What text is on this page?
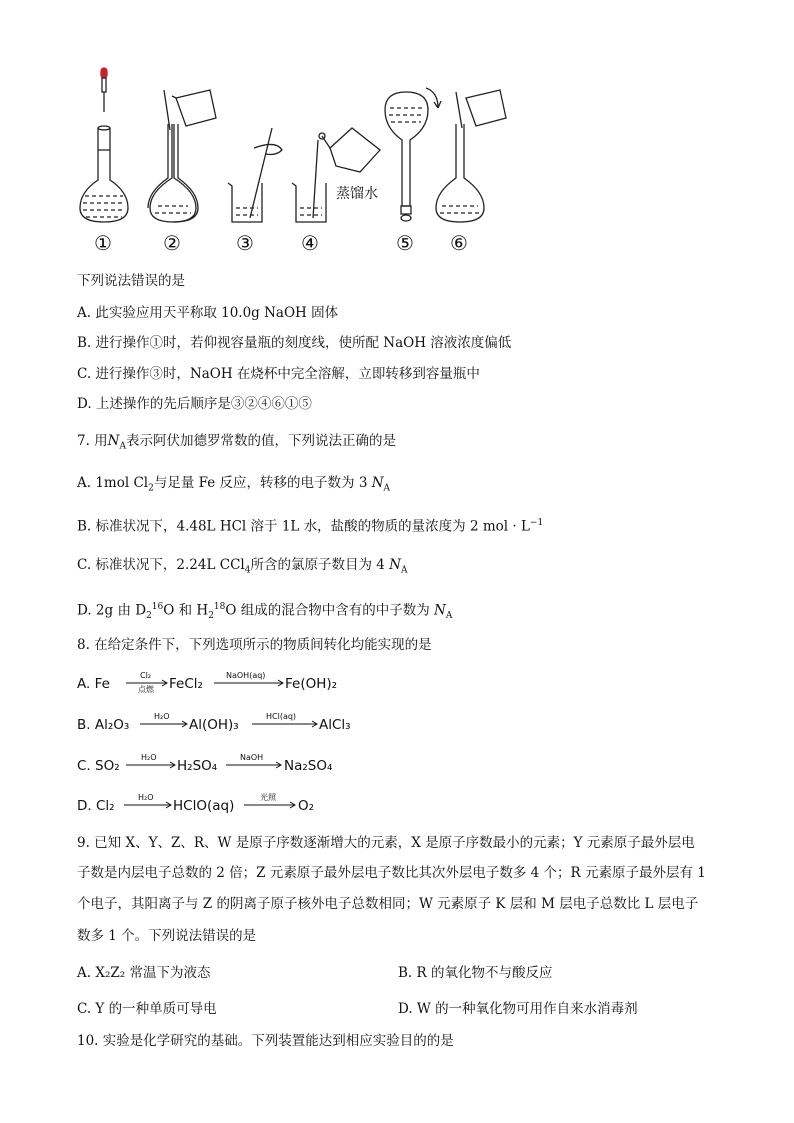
蒸馏水
①	②	③ ④	⑤ ⑥
下列说法错误的是
A. 此实验应用天平称取 10.0g NaOH 固体
B. 进行操作①时，若仰视容量瓶的刻度线，使所配 NaOH 溶液浓度偏低
C. 进行操作③时，NaOH 在烧杯中完全溶解，立即转移到容量瓶中
D. 上述操作的先后顺序是③②④⑥①⑤
7. 用$N_A$表示阿伏加德罗常数的值，下列说法正确的是
A. 1mol $Cl_2$与足量 Fe 反应，转移的电子数为 3 $N_A$
B. 标准状况下，4.48L HCl 溶于 1L 水，盐酸的物质的量浓度为 2 mol · $L^{-1}$
C. 标准状况下，2.24L CCl$_4$所含的氯原子数目为 4 $N_A$
D. 2g 由 $D_2^{16}O$ 和 $H_2^{18}O$ 组成的混合物中含有的中子数为 $N_A$
8. 在给定条件下，下列选项所示的物质间转化均能实现的是
A. Fe
Cl₂
点燃 FeCl₂
NaOH(aq)
Fe(OH)₂
B. Al₂O₃
H₂O
Al(OH)₃
HCl(aq)
AlCl₃
C. SO₂
H₂O
H₂SO₄
NaOH
Na₂SO₄
D. Cl₂
H₂O
HClO(aq)
光照
O₂
9. 已知 X、Y、Z、R、W 是原子序数逐渐增大的元素，X 是原子序数最小的元素；Y 元素原子最外层电
子数是内层电子总数的 2 倍；Z 元素原子最外层电子数比其次外层电子数多 4 个；R 元素原子最外层有 1
个电子，其阳离子与 Z 的阴离子原子核外电子总数相同；W 元素原子 K 层和 M 层电子总数比 L 层电子
数多 1 个。下列说法错误的是
A. X₂Z₂ 常温下为液态	B. R 的氧化物不与酸反应
C. Y 的一种单质可导电	D. W 的一种氧化物可用作自来水消毒剂
10. 实验是化学研究的基础。下列装置能达到相应实验目的的是
